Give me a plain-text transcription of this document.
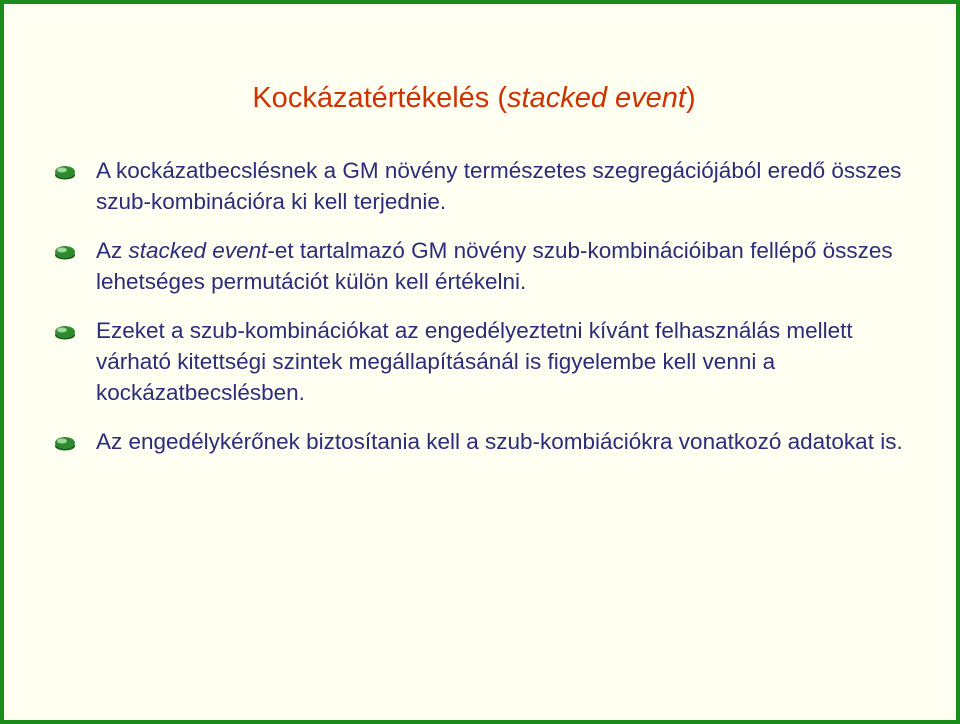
Kockázatértékelés (stacked event)
A kockázatbecslésnek a GM növény természetes szegregációjából eredő összes szub-kombinációra ki kell terjednie.
Az stacked event-et tartalmazó GM növény szub-kombinációiban fellépő összes lehetséges permutációt külön kell értékelni.
Ezeket a szub-kombinációkat az engedélyeztetni kívánt felhasználás mellett várható kitettségi szintek megállapításánál is figyelembe kell venni a kockázatbecslésben.
Az engedélykérőnek biztosítania kell a szub-kombiációkra vonatkozó adatokat is.
